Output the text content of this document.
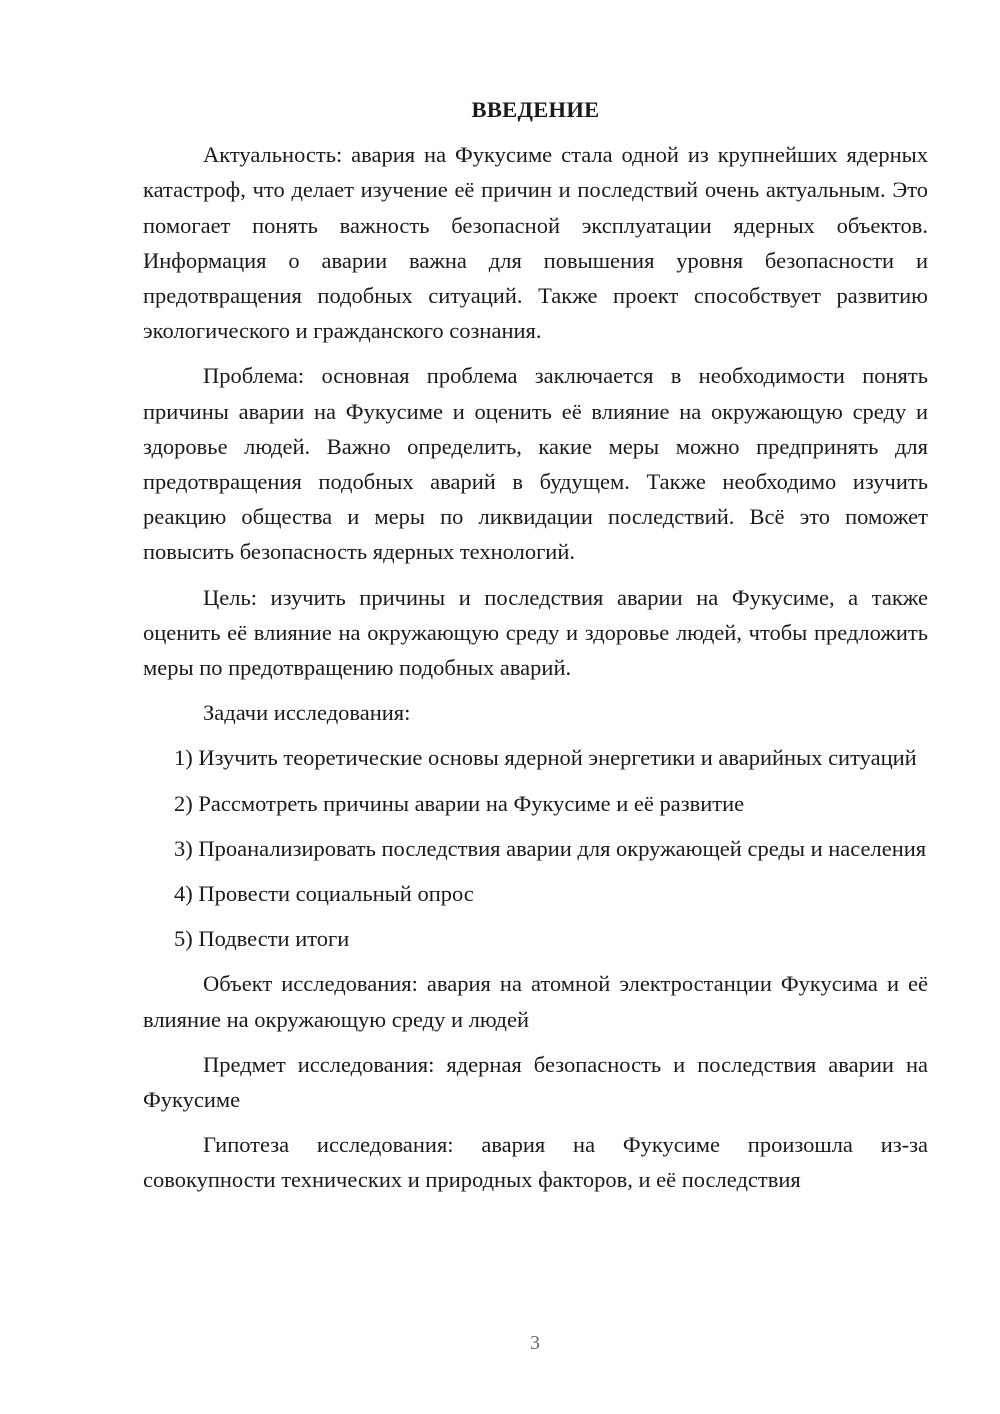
ВВЕДЕНИЕ

Актуальность: авария на Фукусиме стала одной из крупнейших ядерных катастроф, что делает изучение её причин и последствий очень актуальным. Это помогает понять важность безопасной эксплуатации ядерных объектов. Информация о аварии важна для повышения уровня безопасности и предотвращения подобных ситуаций. Также проект способствует развитию экологического и гражданского сознания.

Проблема: основная проблема заключается в необходимости понять причины аварии на Фукусиме и оценить её влияние на окружающую среду и здоровье людей. Важно определить, какие меры можно предпринять для предотвращения подобных аварий в будущем. Также необходимо изучить реакцию общества и меры по ликвидации последствий. Всё это поможет повысить безопасность ядерных технологий.

Цель: изучить причины и последствия аварии на Фукусиме, а также оценить её влияние на окружающую среду и здоровье людей, чтобы предложить меры по предотвращению подобных аварий.

Задачи исследования:

1) Изучить теоретические основы ядерной энергетики и аварийных ситуаций

2) Рассмотреть причины аварии на Фукусиме и её развитие

3) Проанализировать последствия аварии для окружающей среды и населения

4) Провести социальный опрос

5) Подвести итоги

Объект исследования: авария на атомной электростанции Фукусима и её влияние на окружающую среду и людей

Предмет исследования: ядерная безопасность и последствия аварии на Фукусиме

Гипотеза исследования: авария на Фукусиме произошла из-за совокупности технических и природных факторов, и её последствия

3
